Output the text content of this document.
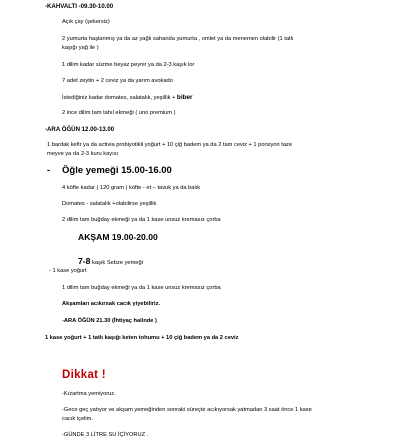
-KAHVALTI -09.30-10.00
Açık çay (şekersiz)
2 yumurta haşlanmış ya da az yağlı sahanda yumurta , omlet ya da menemen olabilir (1 tatlı
kaşığı yağ ile )
1 dilim kadar süzme beyaz peynir ya da 2-3 kaşık lor
7 adet zeytin + 2 ceviz ya da yarım avokado
İstediğiniz kadar domates, salatalık, yeşillik + biber
2 ince dilim tam tahıl ekmeği ( uno premium )
-ARA ÖĞÜN 12.00-13.00
1 bardak kefir ya da activia probiyotikli yoğurt + 10 çiğ badem ya da 2 tam ceviz + 1 porsiyon taze
meyve ya da 2-3 kuru kayısı
- Öğle yemeği 15.00-16.00
4 köfte kadar ( 120 gram ) köfte - et – tavuk ya da balık
Domates - salatalık +olabilirse yeşillik
2 dilim tam buğday ekmeği ya da 1 kase unsuz kremasız çorba
AKŞAM 19.00-20.00
7-8 kaşık Sebze yemeği
- 1 kase yoğurt
1 dilim tam buğday ekmeği ya da 1 kase unsuz kremasız çorba
Akşamları acıkırsak cacık yiyebiliriz.
-ARA ÖĞÜN 21.30 (İhtiyaç halinde )
1 kase yoğurt + 1 tatlı kaşığı keten tohumu + 10 çiğ badem ya da 2 ceviz
Dikkat !
-Kızartma yemiyoruz.
-Gece geç yatıyor ve akşam yemeğinden sonraki süreçte acıkıyorsak yatmadan 3 saat önce 1 kase
cacık içelim.
-GÜNDE 3 LİTRE SU İÇİYORUZ .
